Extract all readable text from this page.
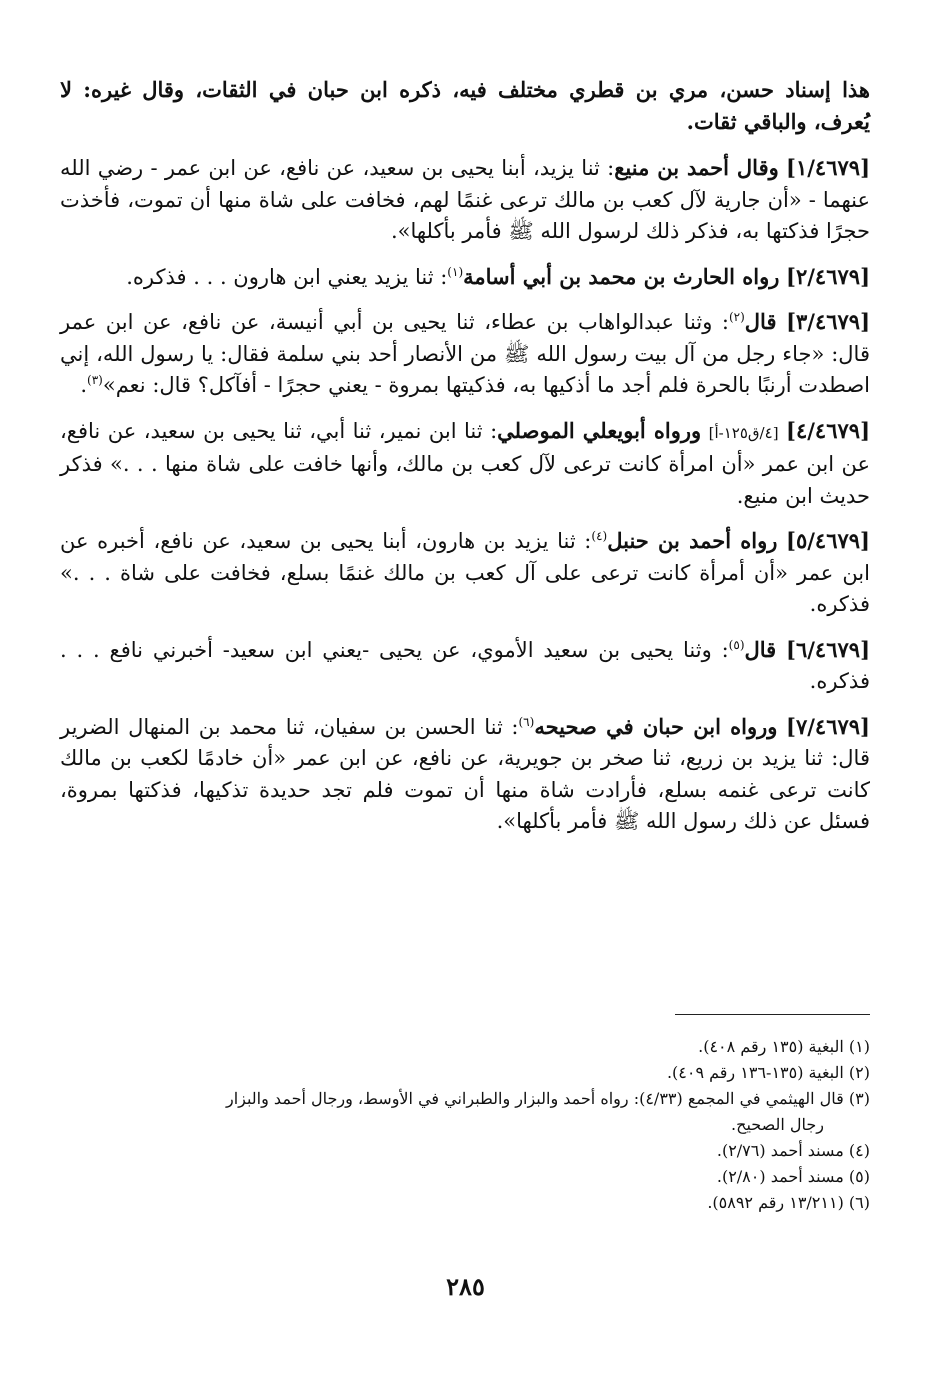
هذا إسناد حسن، مري بن قطري مختلف فيه، ذكره ابن حبان في الثقات، وقال غيره: لا يُعرف، والباقي ثقات.

[١/٤٦٧٩] وقال أحمد بن منيع: ثنا يزيد، أبنا يحيى بن سعيد، عن نافع، عن ابن عمر - رضي الله عنهما - «أن جارية لآل كعب بن مالك ترعى غنمًا لهم، فخافت على شاة منها أن تموت، فأخذت حجرًا فذكتها به، فذكر ذلك لرسول الله ﷺ فأمر بأكلها».

[٢/٤٦٧٩] رواه الحارث بن محمد بن أبي أسامة$^{(١)}$: ثنا يزيد يعني ابن هارون . . . فذكره.

[٣/٤٦٧٩] قال$^{(٢)}$: وثنا عبدالواهاب بن عطاء، ثنا يحيى بن أبي أنيسة، عن نافع، عن ابن عمر قال: «جاء رجل من آل بيت رسول الله ﷺ من الأنصار أحد بني سلمة فقال: يا رسول الله، إني اصطدت أرنبًا بالحرة فلم أجد ما أذكيها به، فذكيتها بمروة - يعني حجرًا - أفآكل؟ قال: نعم»$^{(٣)}$.

[٤/٤٦٧٩] [٤/ق١٢٥-أ] ورواه أبويعلي الموصلي: ثنا ابن نمير، ثنا أبي، ثنا يحيى بن سعيد، عن نافع، عن ابن عمر «أن امرأة كانت ترعى لآل كعب بن مالك، وأنها خافت على شاة منها . . .» فذكر حديث ابن منيع.

[٥/٤٦٧٩] رواه أحمد بن حنبل$^{(٤)}$: ثنا يزيد بن هارون، أبنا يحيى بن سعيد، عن نافع، أخبره عن ابن عمر «أن أمرأة كانت ترعى على آل كعب بن مالك غنمًا بسلع، فخافت على شاة . . .» فذكره.

[٦/٤٦٧٩] قال$^{(٥)}$: وثنا يحيى بن سعيد الأموي، عن يحيى -يعني ابن سعيد- أخبرني نافع . . . فذكره.

[٧/٤٦٧٩] ورواه ابن حبان في صحيحه$^{(٦)}$: ثنا الحسن بن سفيان، ثنا محمد بن المنهال الضرير قال: ثنا يزيد بن زريع، ثنا صخر بن جويرية، عن نافع، عن ابن عمر «أن خادمًا لكعب بن مالك كانت ترعى غنمه بسلع، فأرادت شاة منها أن تموت فلم تجد حديدة تذكيها، فذكتها بمروة، فسئل عن ذلك رسول الله ﷺ فأمر بأكلها».

(١) البغية (١٣٥ رقم ٤٠٨).

(٢) البغية (١٣٥-١٣٦ رقم ٤٠٩).

(٣) قال الهيثمي في المجمع (٤/٣٣): رواه أحمد والبزار والطبراني في الأوسط، ورجال أحمد والبزار

رجال الصحيح.

(٤) مسند أحمد (٢/٧٦).

(٥) مسند أحمد (٢/٨٠).

(٦) (١٣/٢١١ رقم ٥٨٩٢).

٢٨٥
